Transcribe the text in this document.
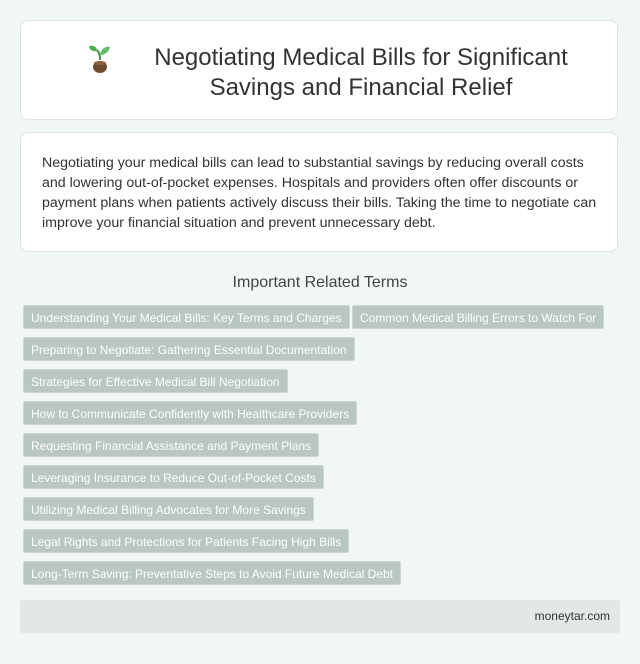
Negotiating Medical Bills for Significant Savings and Financial Relief

Negotiating your medical bills can lead to substantial savings by reducing overall costs and lowering out-of-pocket expenses. Hospitals and providers often offer discounts or payment plans when patients actively discuss their bills. Taking the time to negotiate can improve your financial situation and prevent unnecessary debt.

Important Related Terms
Understanding Your Medical Bills: Key Terms and Charges	Common Medical Billing Errors to Watch For
Preparing to Negotiate: Gathering Essential Documentation
Strategies for Effective Medical Bill Negotiation
How to Communicate Confidently with Healthcare Providers
Requesting Financial Assistance and Payment Plans
Leveraging Insurance to Reduce Out-of-Pocket Costs
Utilizing Medical Billing Advocates for More Savings
Legal Rights and Protections for Patients Facing High Bills
Long-Term Saving: Preventative Steps to Avoid Future Medical Debt
moneytar.com
